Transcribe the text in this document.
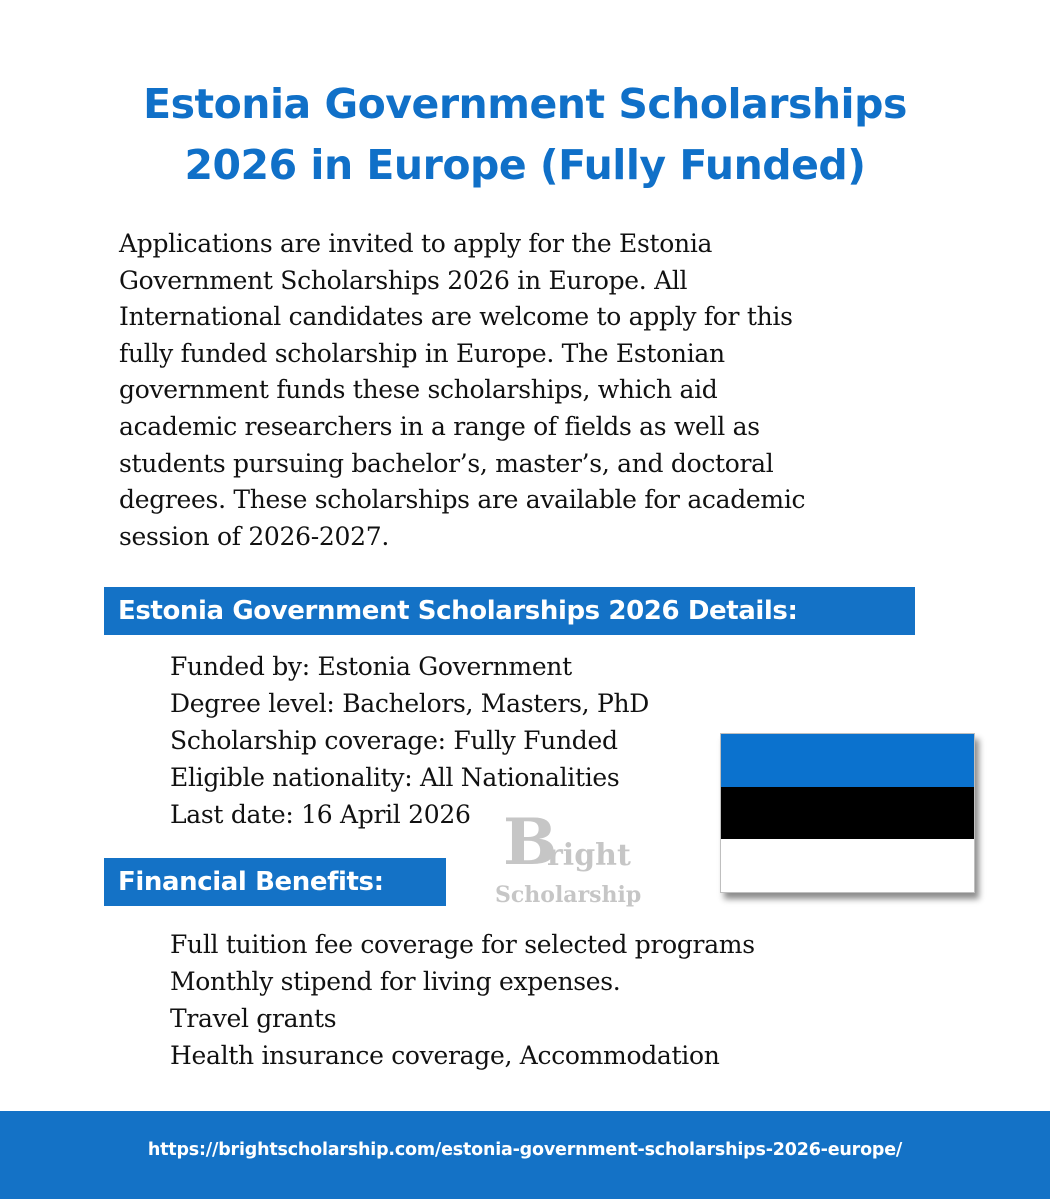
Estonia Government Scholarships
2026 in Europe (Fully Funded)

Applications are invited to apply for the Estonia
Government Scholarships 2026 in Europe. All
International candidates are welcome to apply for this
fully funded scholarship in Europe. The Estonian
government funds these scholarships, which aid
academic researchers in a range of fields as well as
students pursuing bachelor’s, master’s, and doctoral
degrees. These scholarships are available for academic
session of 2026-2027.

Estonia Government Scholarships 2026 Details:
Funded by: Estonia Government
Degree level: Bachelors, Masters, PhD
Scholarship coverage: Fully Funded
Eligible nationality: All Nationalities
Last date: 16 April 2026 B
right
Scholarship
Financial Benefits:
Full tuition fee coverage for selected programs
Monthly stipend for living expenses.
Travel grants
Health insurance coverage, Accommodation
https://brightscholarship.com/estonia-government-scholarships-2026-europe/
